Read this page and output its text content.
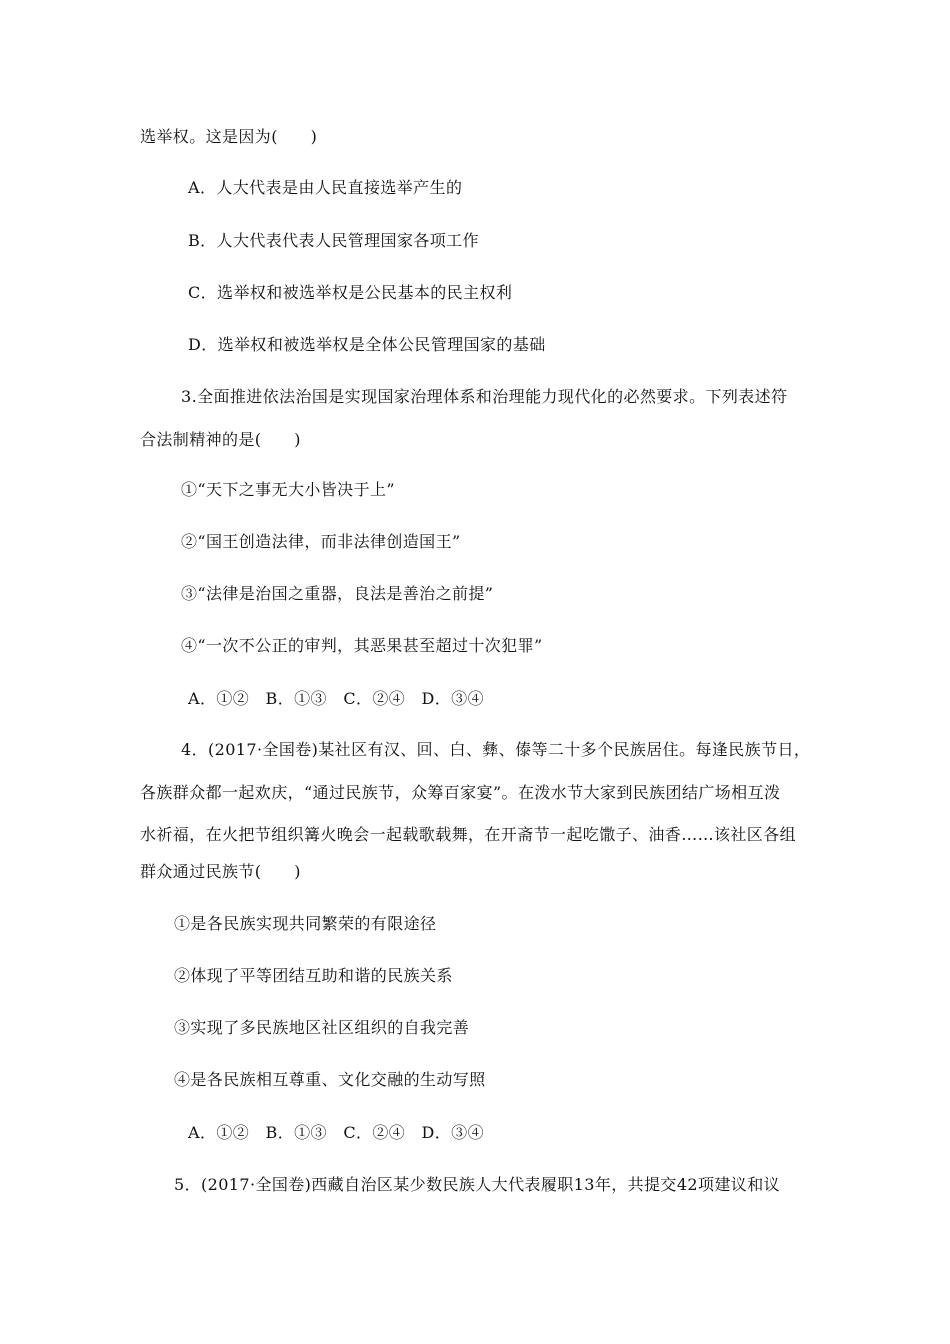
选举权。这是因为(　　)
A．人大代表是由人民直接选举产生的
B．人大代表代表人民管理国家各项工作
C．选举权和被选举权是公民基本的民主权利
D．选举权和被选举权是全体公民管理国家的基础
3.全面推进依法治国是实现国家治理体系和治理能力现代化的必然要求。下列表述符
合法制精神的是(　　)
①“天下之事无大小皆决于上”
②“国王创造法律，而非法律创造国王”
③“法律是治国之重器，良法是善治之前提”
④“一次不公正的审判，其恶果甚至超过十次犯罪”
A．①②　B．①③　C．②④　D．③④
4．(2017·全国卷)某社区有汉、回、白、彝、傣等二十多个民族居住。每逢民族节日，
各族群众都一起欢庆，“通过民族节，众筹百家宴”。在泼水节大家到民族团结广场相互泼
水祈福，在火把节组织篝火晚会一起载歌载舞，在开斋节一起吃馓子、油香……该社区各组
群众通过民族节(　　)
①是各民族实现共同繁荣的有限途径
②体现了平等团结互助和谐的民族关系
③实现了多民族地区社区组织的自我完善
④是各民族相互尊重、文化交融的生动写照
A．①②　B．①③　C．②④　D．③④
5．(2017·全国卷)西藏自治区某少数民族人大代表履职13年，共提交42项建议和议
